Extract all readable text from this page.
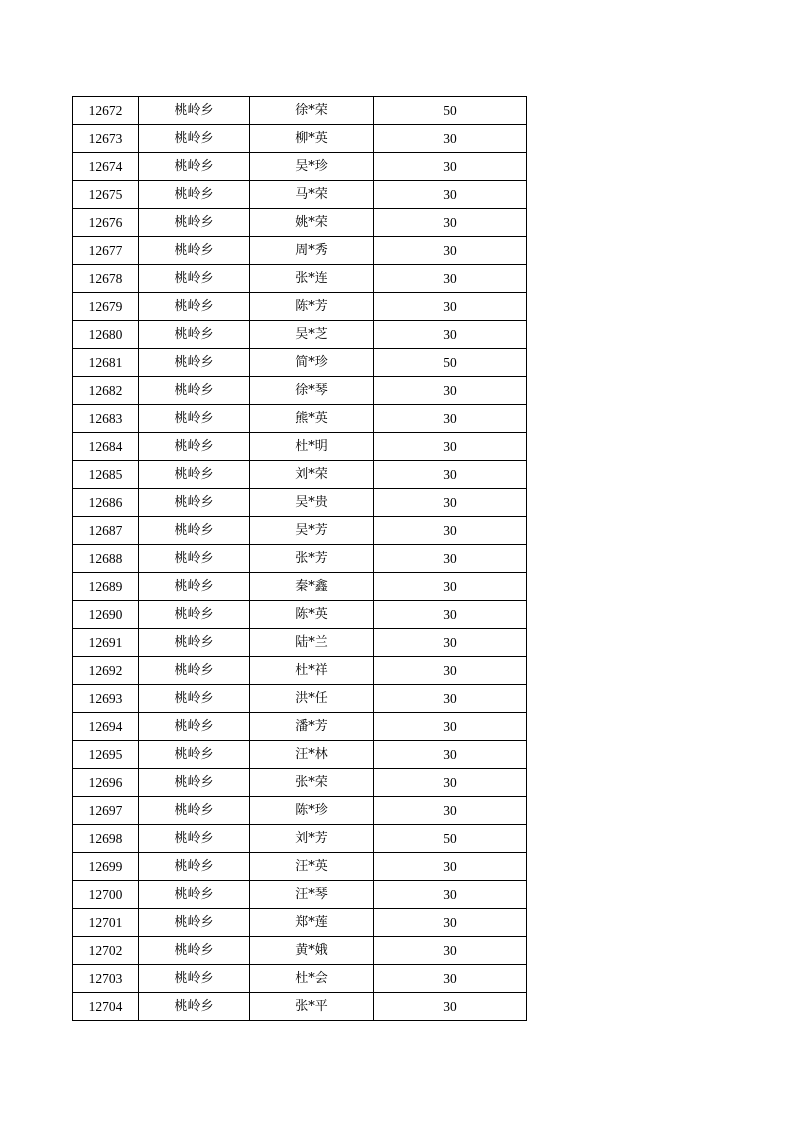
12672	桃岭乡	徐*荣	50
12673	桃岭乡	柳*英	30
12674	桃岭乡	吴*珍	30
12675	桃岭乡	马*荣	30
12676	桃岭乡	姚*荣	30
12677	桃岭乡	周*秀	30
12678	桃岭乡	张*连	30
12679	桃岭乡	陈*芳	30
12680	桃岭乡	吴*芝	30
12681	桃岭乡	简*珍	50
12682	桃岭乡	徐*琴	30
12683	桃岭乡	熊*英	30
12684	桃岭乡	杜*明	30
12685	桃岭乡	刘*荣	30
12686	桃岭乡	吴*贵	30
12687	桃岭乡	吴*芳	30
12688	桃岭乡	张*芳	30
12689	桃岭乡	秦*鑫	30
12690	桃岭乡	陈*英	30
12691	桃岭乡	陆*兰	30
12692	桃岭乡	杜*祥	30
12693	桃岭乡	洪*任	30
12694	桃岭乡	潘*芳	30
12695	桃岭乡	汪*林	30
12696	桃岭乡	张*荣	30
12697	桃岭乡	陈*珍	30
12698	桃岭乡	刘*芳	50
12699	桃岭乡	汪*英	30
12700	桃岭乡	汪*琴	30
12701	桃岭乡	郑*莲	30
12702	桃岭乡	黄*娥	30
12703	桃岭乡	杜*会	30
12704	桃岭乡	张*平	30
